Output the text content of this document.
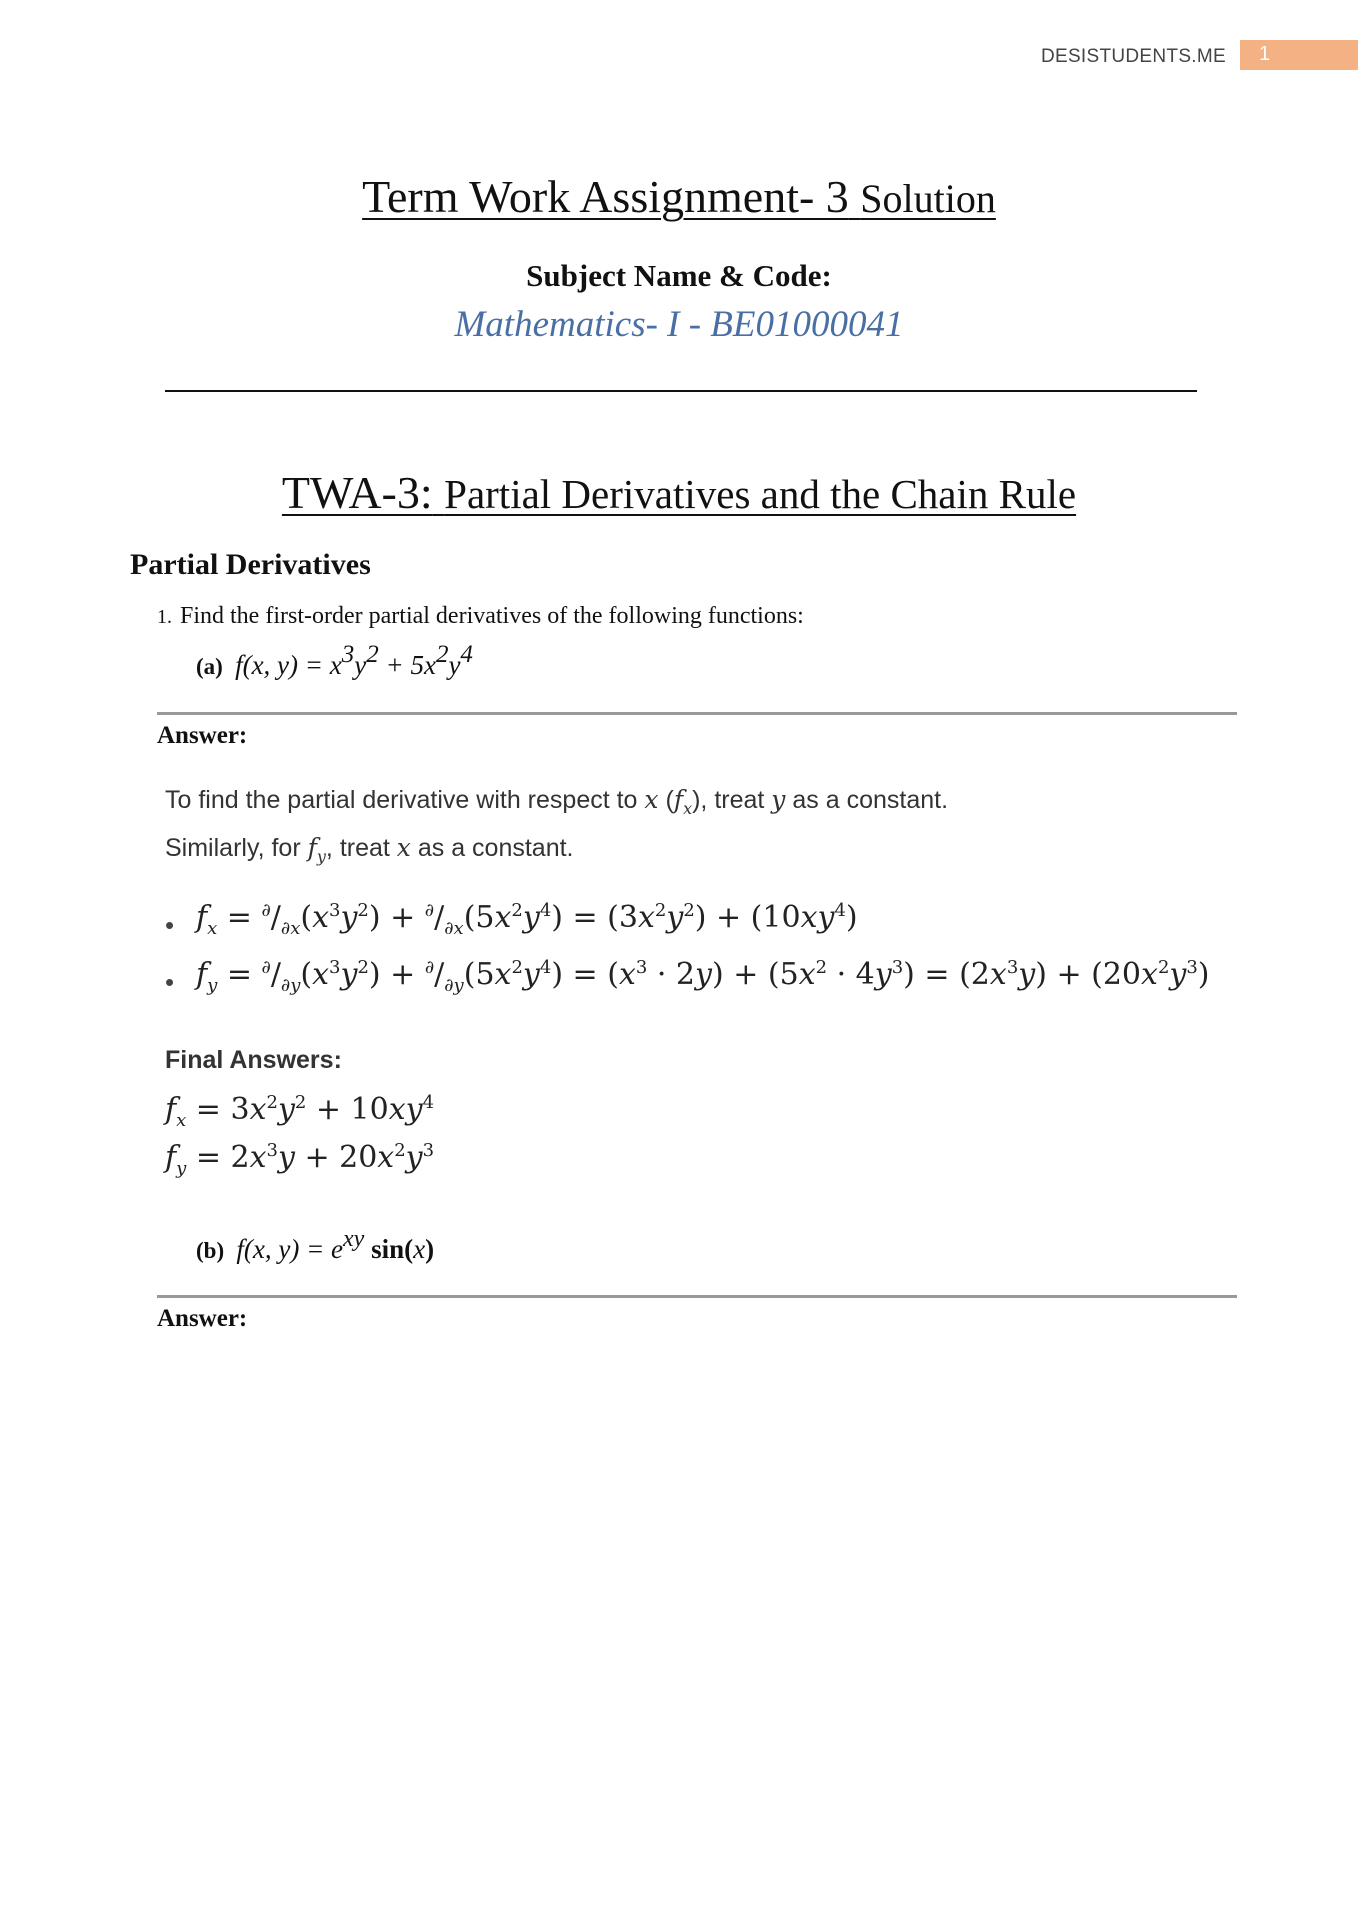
DESISTUDENTS.ME 1
Term Work Assignment- 3 Solution
Subject Name & Code:
Mathematics- I - BE01000041
TWA-3: Partial Derivatives and the Chain Rule
Partial Derivatives
1. Find the first-order partial derivatives of the following functions:
(a) f(x, $y) = x^3y^2 + 5x^2y^4$
Answer:
To find the partial derivative with respect to x $(f_x)$, treat y as a constant.
Similarly, for $f_y$, treat x as a constant.
• $f_x = ^\partial/_{\partial x}(x^3y^2) + ^\partial/_{\partial x}(5x^2y^4) = (3x^2y^2) + (10xy^4)$
• $f_y = ^\partial/_{\partial y}(x^3y^2) + ^\partial/_{\partial y}(5x^2y^4) = (x^3 \cdot 2y) + (5x^2 \cdot 4y^3) = (2x^3y) + (20x^2y^3)$
Final Answers:
$f_x = 3x^2y^2 + 10xy^4$
$f_y = 2x^3y + 20x^2y^3$
(b) f(x, $y) = e^{xy}$ sin(x)
Answer:
